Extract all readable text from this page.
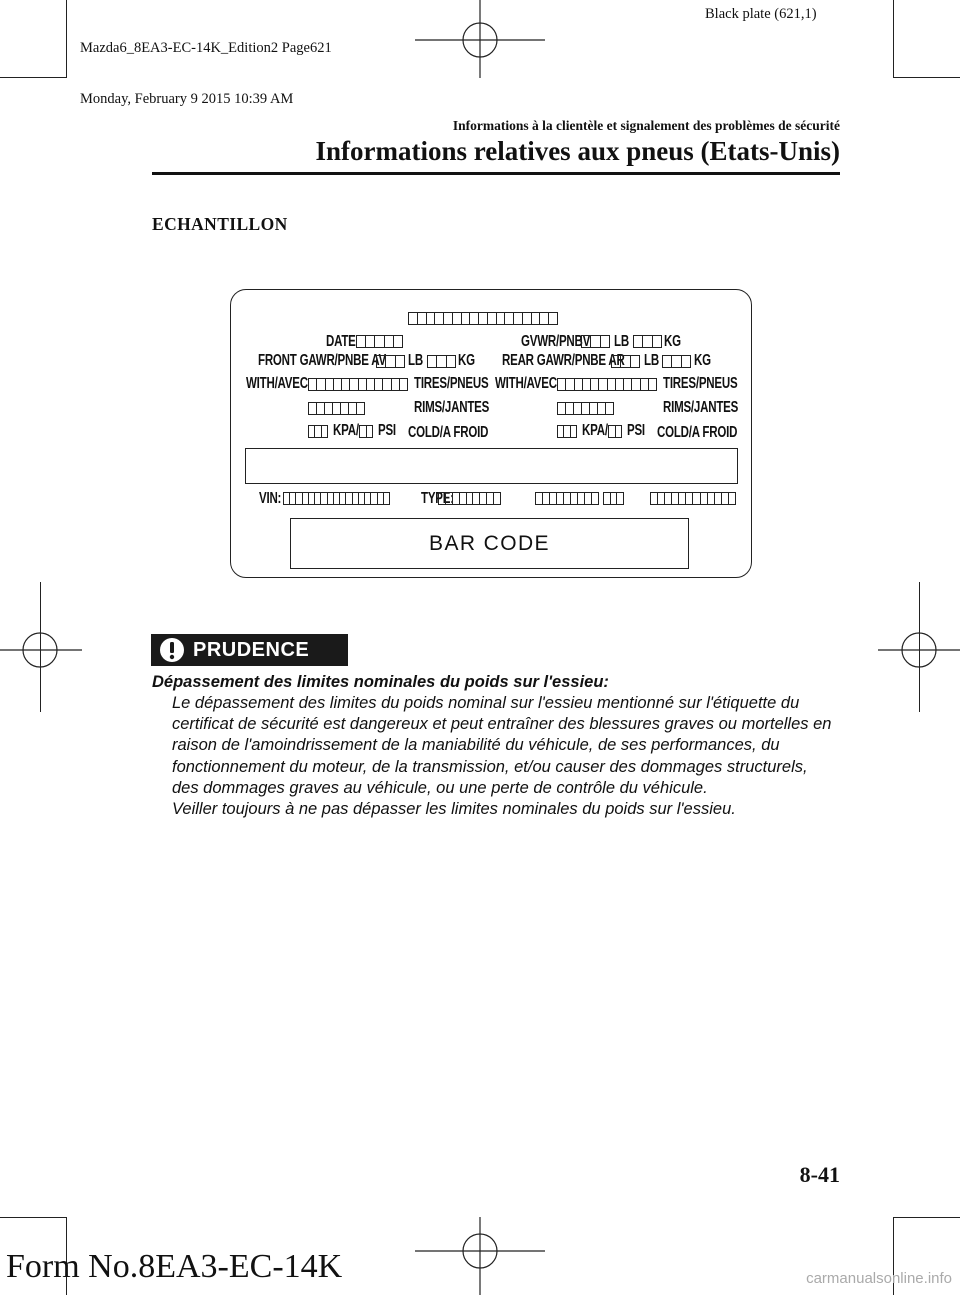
Mazda6_8EA3-EC-14K_Edition2 Page621

Monday, February 9 2015 10:39 AM

Black plate (621,1)
Informations à la clientèle et signalement des problèmes de sécurité
Informations relatives aux pneus (Etats-Unis)
ECHANTILLON
DATE	GVWR/PNBV LB KG
FRONT GAWR/PNBE AV LB KG REAR GAWR/PNBE AR LB KG
WITH/AVEC	TIRES/PNEUS WITH/AVEC	TIRES/PNEUS
RIMS/JANTES	RIMS/JANTES
KPA/ PSI COLD/A FROID	KPA/ PSI COLD/A FROID
VIN:	TYPE:
BAR CODE
PRUDENCE
Dépassement des limites nominales du poids sur l'essieu:

Le dépassement des limites du poids nominal sur l'essieu mentionné sur l'étiquette du certificat de sécurité est dangereux et peut entraîner des blessures graves ou mortelles en raison de l'amoindrissement de la maniabilité du véhicule, de ses performances, du fonctionnement du moteur, de la transmission, et/ou causer des dommages structurels, des dommages graves au véhicule, ou une perte de contrôle du véhicule.

Veiller toujours à ne pas dépasser les limites nominales du poids sur l'essieu.

8-41
Form No.8EA3-EC-14K	carmanualsonline.info
